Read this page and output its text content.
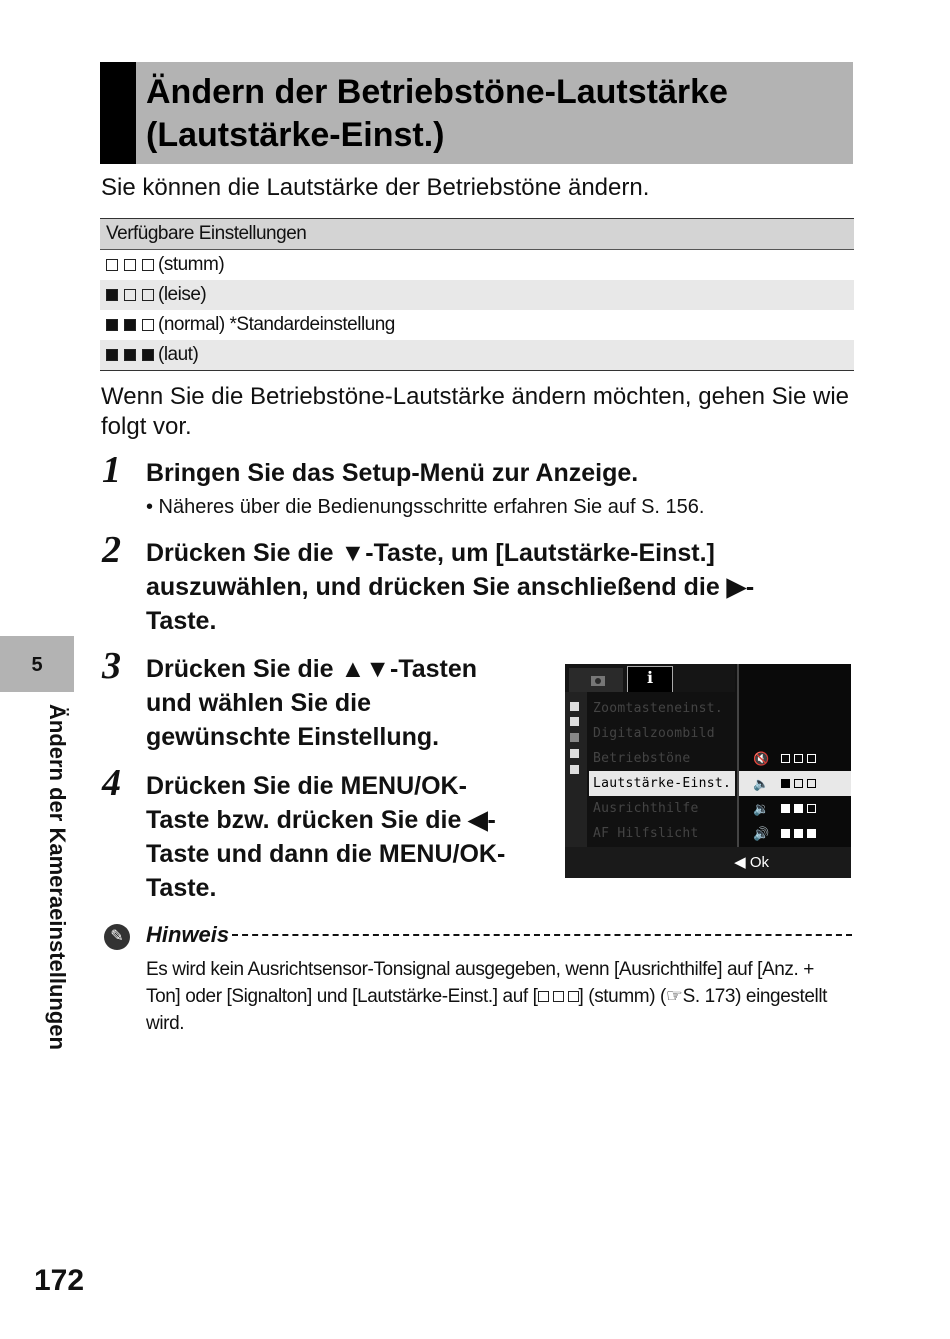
Ändern der Betriebstöne-Lautstärke
(Lautstärke-Einst.)
Sie können die Lautstärke der Betriebstöne ändern.
Verfügbare Einstellungen
(stumm)
(leise)
(normal) *Standardeinstellung
(laut)
Wenn Sie die Betriebstöne-Lautstärke ändern möchten, gehen Sie wie folgt vor.
1 Bringen Sie das Setup-Menü zur Anzeige.
• Näheres über die Bedienungsschritte erfahren Sie auf S. 156.
2 Drücken Sie die ▼-Taste, um [Lautstärke-Einst.]
auszuwählen, und drücken Sie anschließend die ▶-
Taste.
3 Drücken Sie die ▲▼-Tasten
und wählen Sie die
gewünschte Einstellung.
4 Drücken Sie die MENU/OK-
Taste bzw. drücken Sie die ◀-
Taste und dann die MENU/OK-
Taste.
5
Ändern der Kameraeinstellungen
ℹ
Zoomtasteneinst.
Digitalzoombild
Betriebstöne
Lautstärke-Einst.
Ausrichthilfe
AF Hilfslicht
🔇
🔈
🔉
🔊
◀ Ok
✎ Hinweis
Es wird kein Ausrichtsensor-Tonsignal ausgegeben, wenn [Ausrichthilfe] auf [Anz. + Ton] oder [Signalton] und [Lautstärke-Einst.] auf [ ] (stumm) (☞S. 173) eingestellt wird.
172
